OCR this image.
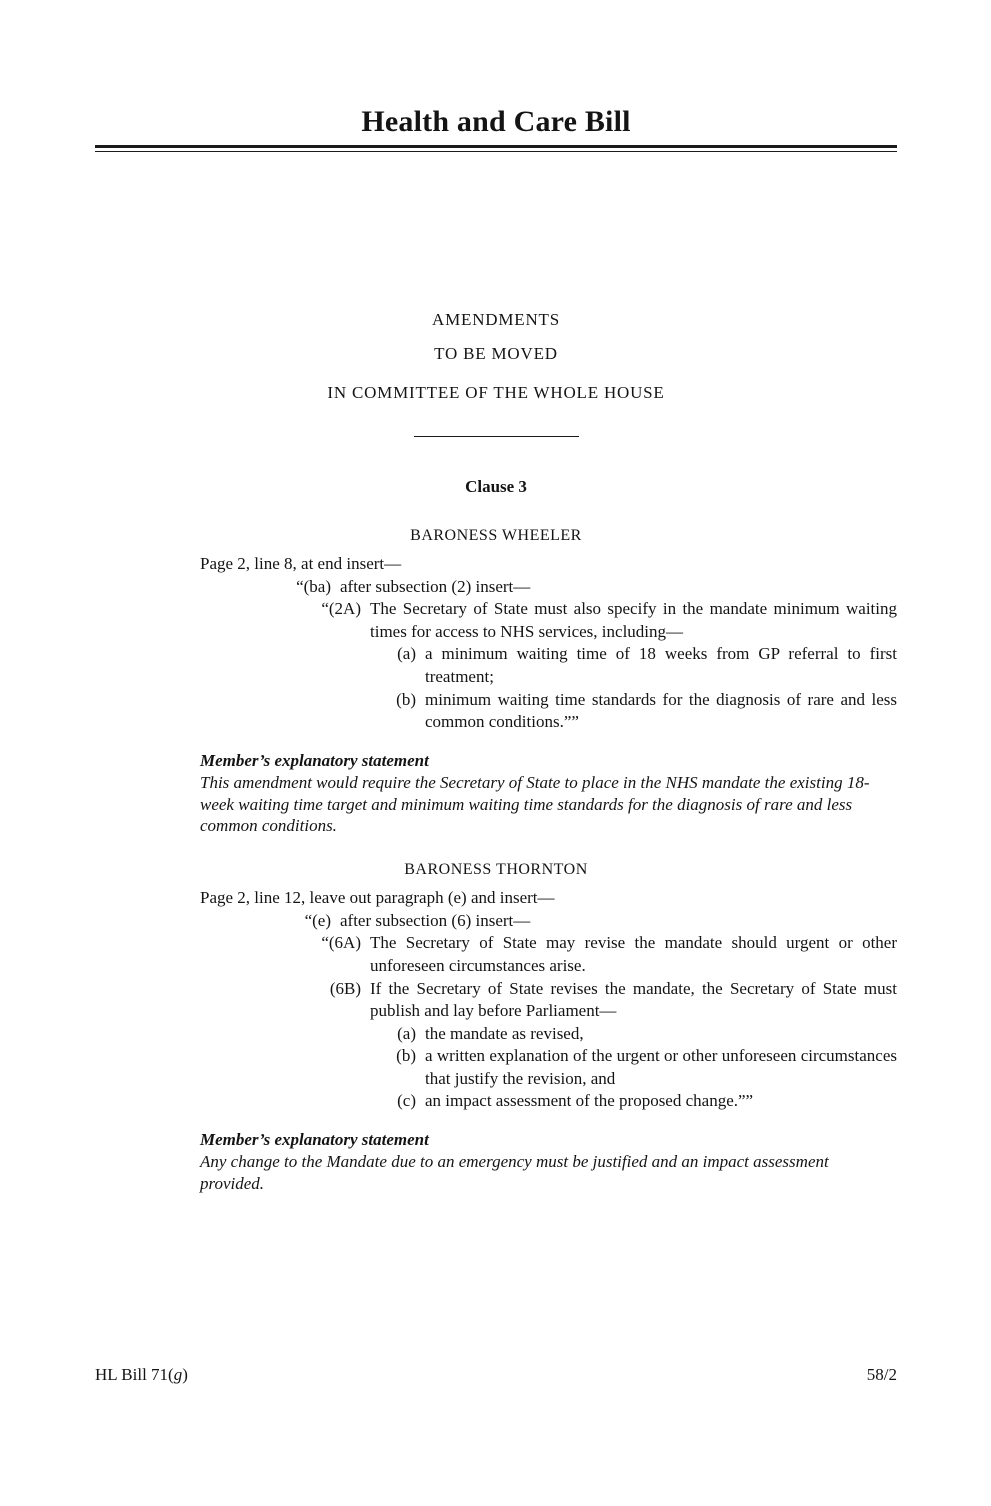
Health and Care Bill
AMENDMENTS
TO BE MOVED
IN COMMITTEE OF THE WHOLE HOUSE
Clause 3
BARONESS WHEELER
Page 2, line 8, at end insert—
“(ba) after subsection (2) insert—
“(2A) The Secretary of State must also specify in the mandate minimum waiting times for access to NHS services, including—
(a) a minimum waiting time of 18 weeks from GP referral to first treatment;
(b) minimum waiting time standards for the diagnosis of rare and less common conditions.””
Member’s explanatory statement
This amendment would require the Secretary of State to place in the NHS mandate the existing 18-week waiting time target and minimum waiting time standards for the diagnosis of rare and less common conditions.
BARONESS THORNTON
Page 2, line 12, leave out paragraph (e) and insert—
“(e) after subsection (6) insert—
“(6A) The Secretary of State may revise the mandate should urgent or other unforeseen circumstances arise.
(6B) If the Secretary of State revises the mandate, the Secretary of State must publish and lay before Parliament—
(a) the mandate as revised,
(b) a written explanation of the urgent or other unforeseen circumstances that justify the revision, and
(c) an impact assessment of the proposed change.””
Member’s explanatory statement
Any change to the Mandate due to an emergency must be justified and an impact assessment provided.
HL Bill 71(g)	58/2
